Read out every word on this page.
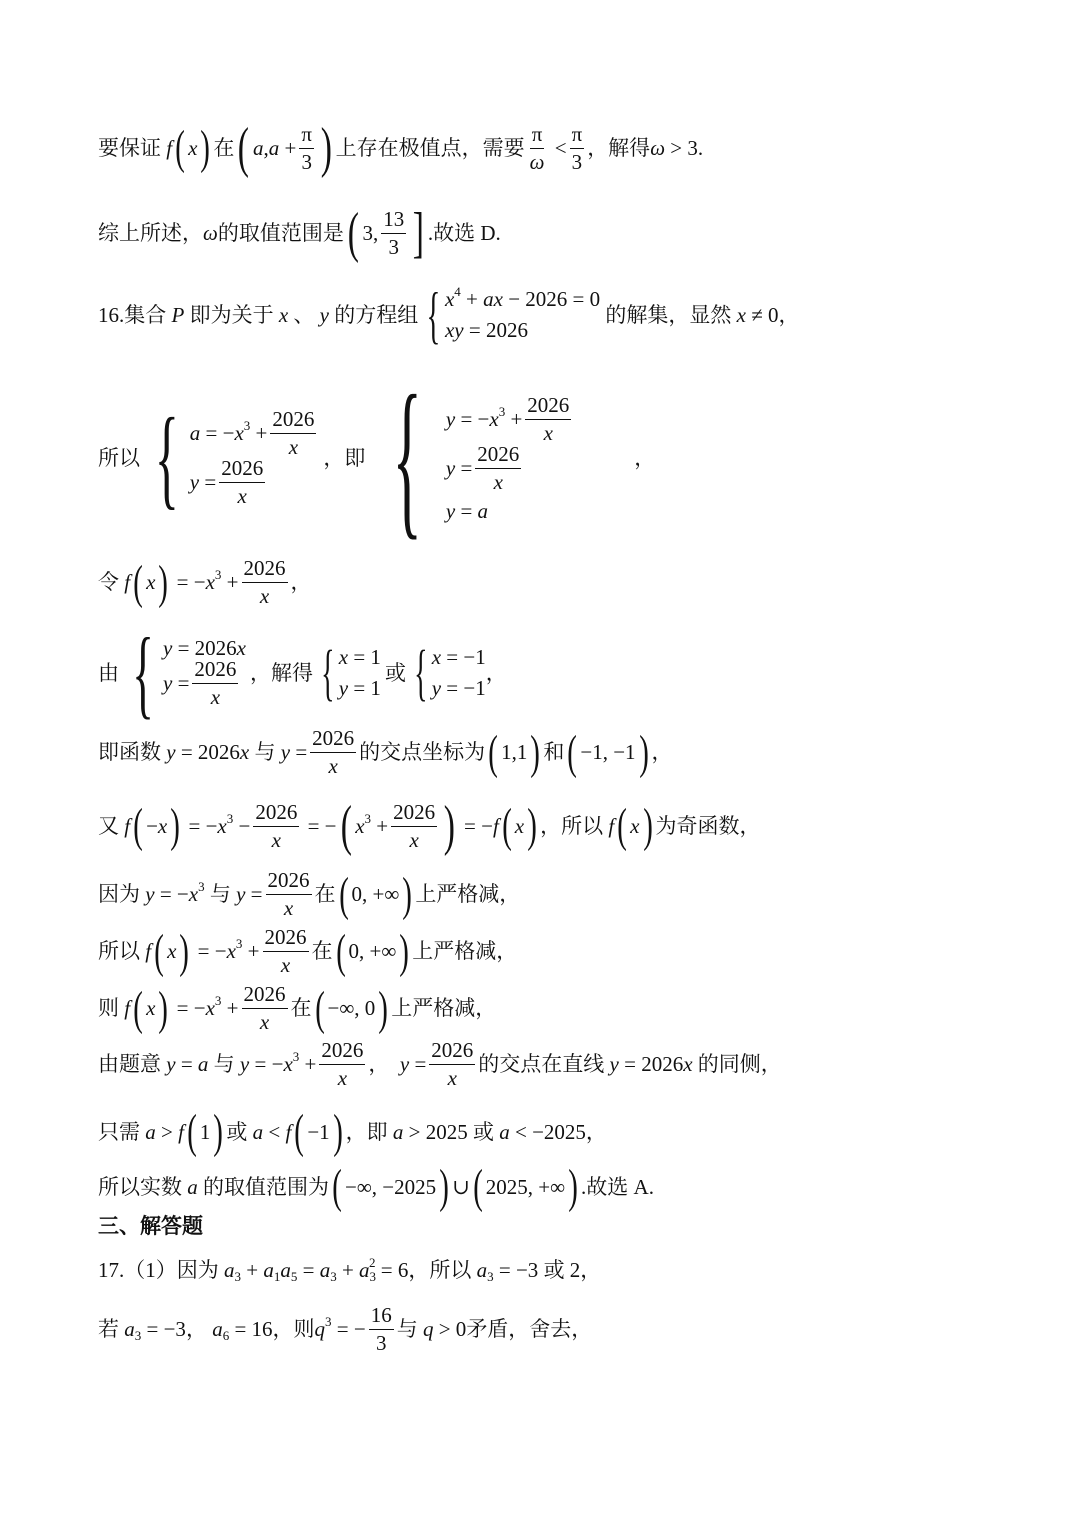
要保证 f ( x ) 在 ( a , $a + \frac{\pi}{3}$ ) 上存在极值点，需要 $\frac{\pi}{\omega} < \frac{\pi}{3}$ ，解得 ω > 3.
综上所述， ω 的取值范围是 ( 3, $\frac{13}{3}$ ] .故选 D.
16.集合 P 即为关于 x 、 y 的方程组 { $x^4$ + ax − 2026 = 0
xy = 2026

的解集，显然 x ≠ 0，
所以 { a = − $x^3 + \frac{2026}{x}$
$y = \frac{2026}{x}$
，即 { y = − $x^3 + \frac{2026}{x}$
$y = \frac{2026}{x}$
y = a
，
令 f ( x ) = − $x^3 + \frac{2026}{x}$ ，
由 { y = 2026 x
$y = \frac{2026}{x}$ ，解得 { x = 1
y = 1
或 { x = −1
y = −1
，
即函数 y = 2026 x
与 $y = \frac{2026}{x}$ 的交点坐标为 ( 1,1 ) 和 ( −1, −1 ) ，
又 f ( − x ) = − $x^3 - \frac{2026}{x}$ = − ( $x^3 + \frac{2026}{x}$ ) = − f ( x ) ，所以 f ( x ) 为奇函数，
因为 y = − $x^3$
与 $y = \frac{2026}{x}$ 在 ( 0, +∞ ) 上严格减，
所以 f ( x ) = − $x^3 + \frac{2026}{x}$ 在 ( 0, +∞ ) 上严格减，
则 f ( x ) = − $x^3 + \frac{2026}{x}$ 在 ( −∞, 0 ) 上严格减，
由题意 y = a
与 y = − $x^3 + \frac{2026}{x}$ ， $y = \frac{2026}{x}$ 的交点在直线 y = 2026 x
的同侧，
只需 a > f ( 1 ) 或 a < f ( −1 ) ，即 a > 2025 或 a < −2025，
所以实数 a 的取值范围为 ( −∞, −2025 ) ∪ ( 2025, +∞ ) .故选 A.
三、解答题
17.（1）因为 $a_3 + a_1$ $a_5 = a_3 + a_3$
$^2$ = 6 ，所以 $a_3 = -3$ 或 2，
若 $a_3 = -3$ ， $a_6 = 16$ ，则 $q^3$ = − $\frac{16}{3}$ 与 q > 0 矛盾，舍去，
